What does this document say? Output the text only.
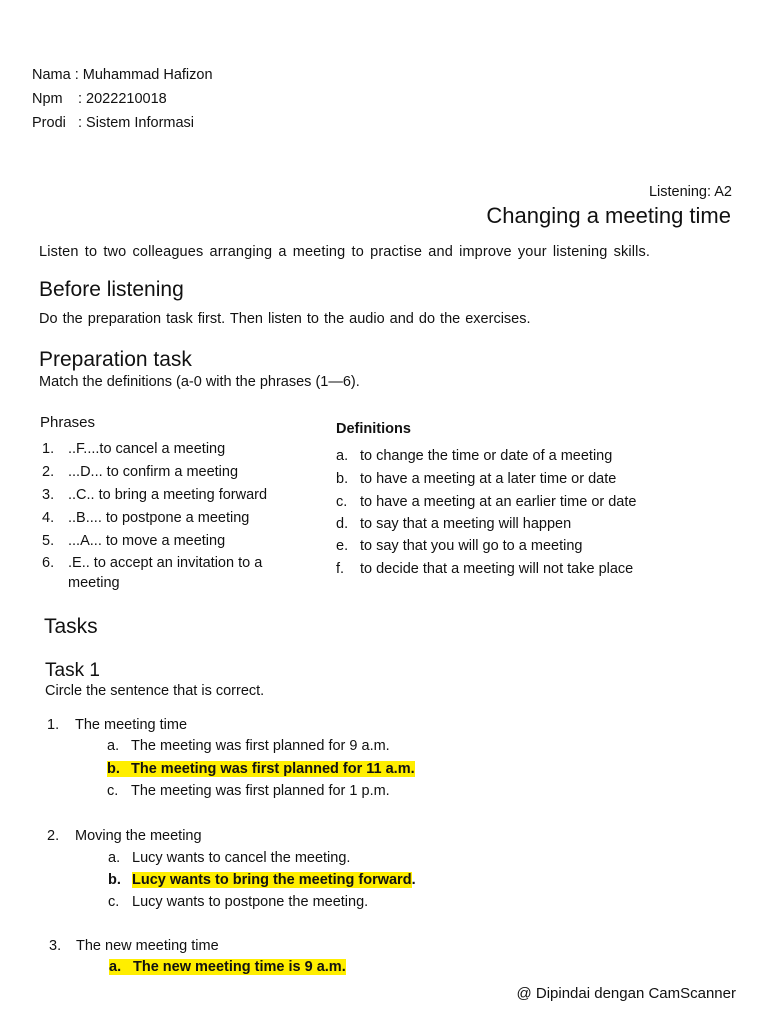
Nama : Muhammad Hafizon
Npm : 2022210018
Prodi : Sistem Informasi
Listening: A2
Changing a meeting time
Listen to two colleagues arranging a meeting to practise and improve your listening skills.
Before listening
Do the preparation task first. Then listen to the audio and do the exercises.
Preparation task
Match the definitions (a-0 with the phrases (1—6).
Phrases	Definitions
1. ..F....to cancel a meeting
2. ...D... to confirm a meeting
3. ..C.. to bring a meeting forward
4. ..B.... to postpone a meeting
5. ...A... to move a meeting
6. .E.. to accept an invitation to a
meeting
a. to change the time or date of a meeting
b. to have a meeting at a later time or date
c. to have a meeting at an earlier time or date
d. to say that a meeting will happen
e. to say that you will go to a meeting
f. to decide that a meeting will not take place
Tasks
Task 1
Circle the sentence that is correct.
1. The meeting time
a. The meeting was first planned for 9 a.m.
b. The meeting was first planned for 11 a.m.
c. The meeting was first planned for 1 p.m.
2. Moving the meeting
a. Lucy wants to cancel the meeting.
b. Lucy wants to bring the meeting forward.
c. Lucy wants to postpone the meeting.
3. The new meeting time
a. The new meeting time is 9 a.m.
@ Dipindai dengan CamScanner
